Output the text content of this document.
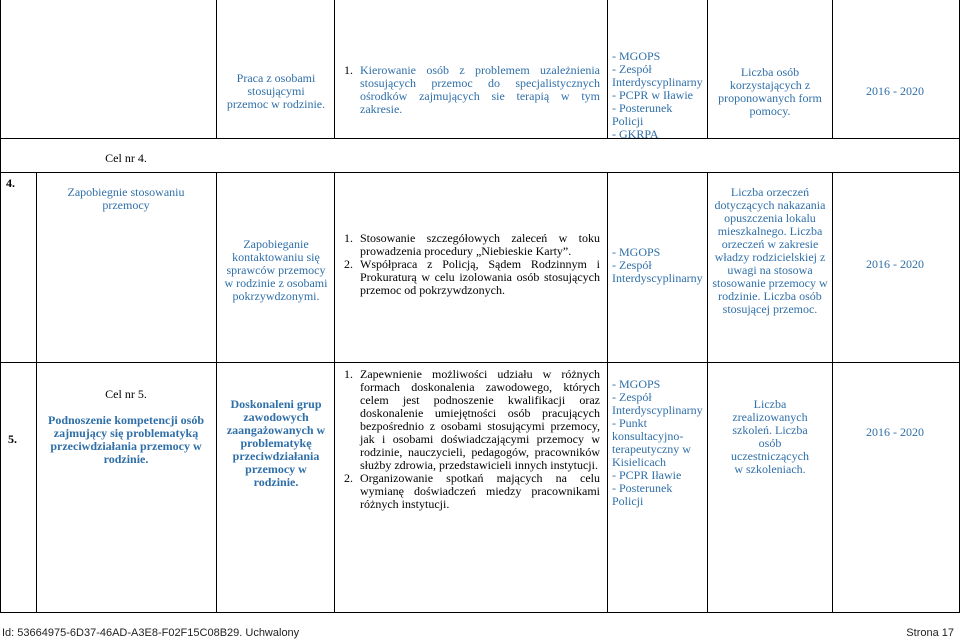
Praca z osobami stosującymi przemoc w rodzinie.
1. Kierowanie osób z problemem uzależnienia stosujących przemoc do specjalistycznych ośrodków zajmujących sie terapią w tym zakresie.
- MGOPS
- Zespół
Interdyscyplinarny
- PCPR w Iławie
- Posterunek Policji
- GKRPA
Liczba osób korzystających z proponowanych form pomocy.
2016 - 2020
Cel nr 4.
4.
Zapobiegnie stosowaniu przemocy
Zapobieganie kontaktowaniu się sprawców przemocy w rodzinie z osobami pokrzywdzonymi.
1. Stosowanie szczegółowych zaleceń w toku prowadzenia procedury „Niebieskie Karty”.
2. Współpraca z Policją, Sądem Rodzinnym i Prokuraturą w celu izolowania osób stosujących przemoc od pokrzywdzonych.
- MGOPS
- Zespół
Interdyscyplinarny
Liczba orzeczeń dotyczących nakazania opuszczenia lokalu mieszkalnego. Liczba orzeczeń w zakresie władzy rodzicielskiej z uwagi na stosowa stosowanie przemocy w rodzinie. Liczba osób stosującej przemoc.
2016 - 2020
5.
Cel nr 5.
Podnoszenie kompetencji osób zajmujący się problematyką przeciwdziałania przemocy w rodzinie.
Doskonaleni grup zawodowych zaangażowanych w problematykę przeciwdziałania przemocy w rodzinie.
1. Zapewnienie możliwości udziału w różnych formach doskonalenia zawodowego, których celem jest podnoszenie kwalifikacji oraz doskonalenie umiejętności osób pracujących bezpośrednio z osobami stosującymi przemocy, jak i osobami doświadczającymi przemocy w rodzinie, nauczycieli, pedagogów, pracowników służby zdrowia, przedstawicieli innych instytucji.
2. Organizowanie spotkań mających na celu wymianę doświadczeń miedzy pracownikami różnych instytucji.
- MGOPS
- Zespół
Interdyscyplinarny
- Punkt
konsultacyjno-
terapeutyczny w
Kisielicach
- PCPR Iławie
- Posterunek Policji
Liczba zrealizowanych szkoleń. Liczba osób uczestniczących w szkoleniach.
2016 - 2020
Id: 53664975-6D37-46AD-A3E8-F02F15C08B29. Uchwalony	Strona 17
